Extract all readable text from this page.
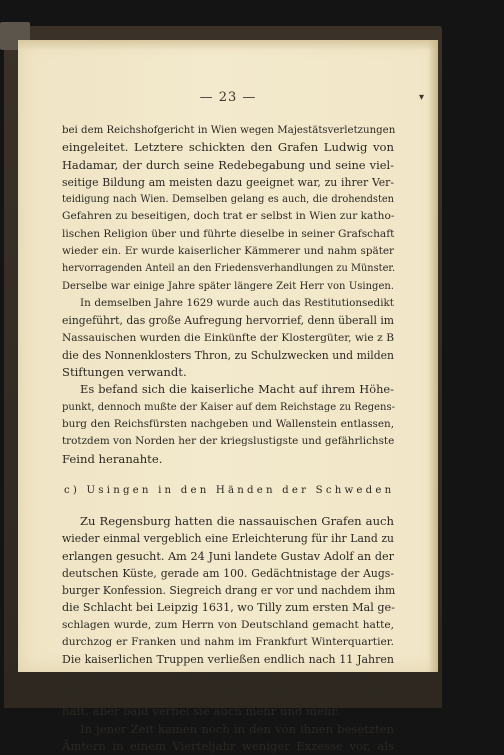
— 23 —	▾
bei dem Reichshofgericht in Wien wegen Majestätsverletzungen
eingeleitet. Letztere schickten den Grafen Ludwig von
Hadamar, der durch seine Redebegabung und seine viel-
seitige Bildung am meisten dazu geeignet war, zu ihrer Ver-
teidigung nach Wien. Demselben gelang es auch, die drohendsten
Gefahren zu beseitigen, doch trat er selbst in Wien zur katho-
lischen Religion über und führte dieselbe in seiner Grafschaft
wieder ein. Er wurde kaiserlicher Kämmerer und nahm später
hervorragenden Anteil an den Friedensverhandlungen zu Münster.
Derselbe war einige Jahre später längere Zeit Herr von Usingen.
In demselben Jahre 1629 wurde auch das Restitutionsedikt
eingeführt, das große Aufregung hervorrief, denn überall im
Nassauischen wurden die Einkünfte der Klostergüter, wie z B
die des Nonnenklosters Thron, zu Schulzwecken und milden
Stiftungen verwandt.
Es befand sich die kaiserliche Macht auf ihrem Höhe-
punkt, dennoch mußte der Kaiser auf dem Reichstage zu Regens-
burg den Reichsfürsten nachgeben und Wallenstein entlassen,
trotzdem von Norden her der kriegslustigste und gefährlichste
Feind heranahte.
c) Usingen in den Händen der Schweden
Zu Regensburg hatten die nassauischen Grafen auch
wieder einmal vergeblich eine Erleichterung für ihr Land zu
erlangen gesucht. Am 24 Juni landete Gustav Adolf an der
deutschen Küste, gerade am 100. Gedächtnistage der Augs-
burger Konfession. Siegreich drang er vor und nachdem ihm
die Schlacht bei Leipzig 1631, wo Tilly zum ersten Mal ge-
schlagen wurde, zum Herrn von Deutschland gemacht hatte,
durchzog er Franken und nahm im Frankfurt Winterquartier.
Die kaiserlichen Truppen verließen endlich nach 11 Jahren
die Taunusgegenden, und Usingen erhielt die erste schwedische
Einquartierung. Die Disziplin der Schweden war noch muster-
haft, aber bald verfiel sie auch mehr und mehr.
In jener Zeit kamen noch in den von ihnen besetzten
Ämtern in einem Vierteljahr weniger Exzesse vor, als
